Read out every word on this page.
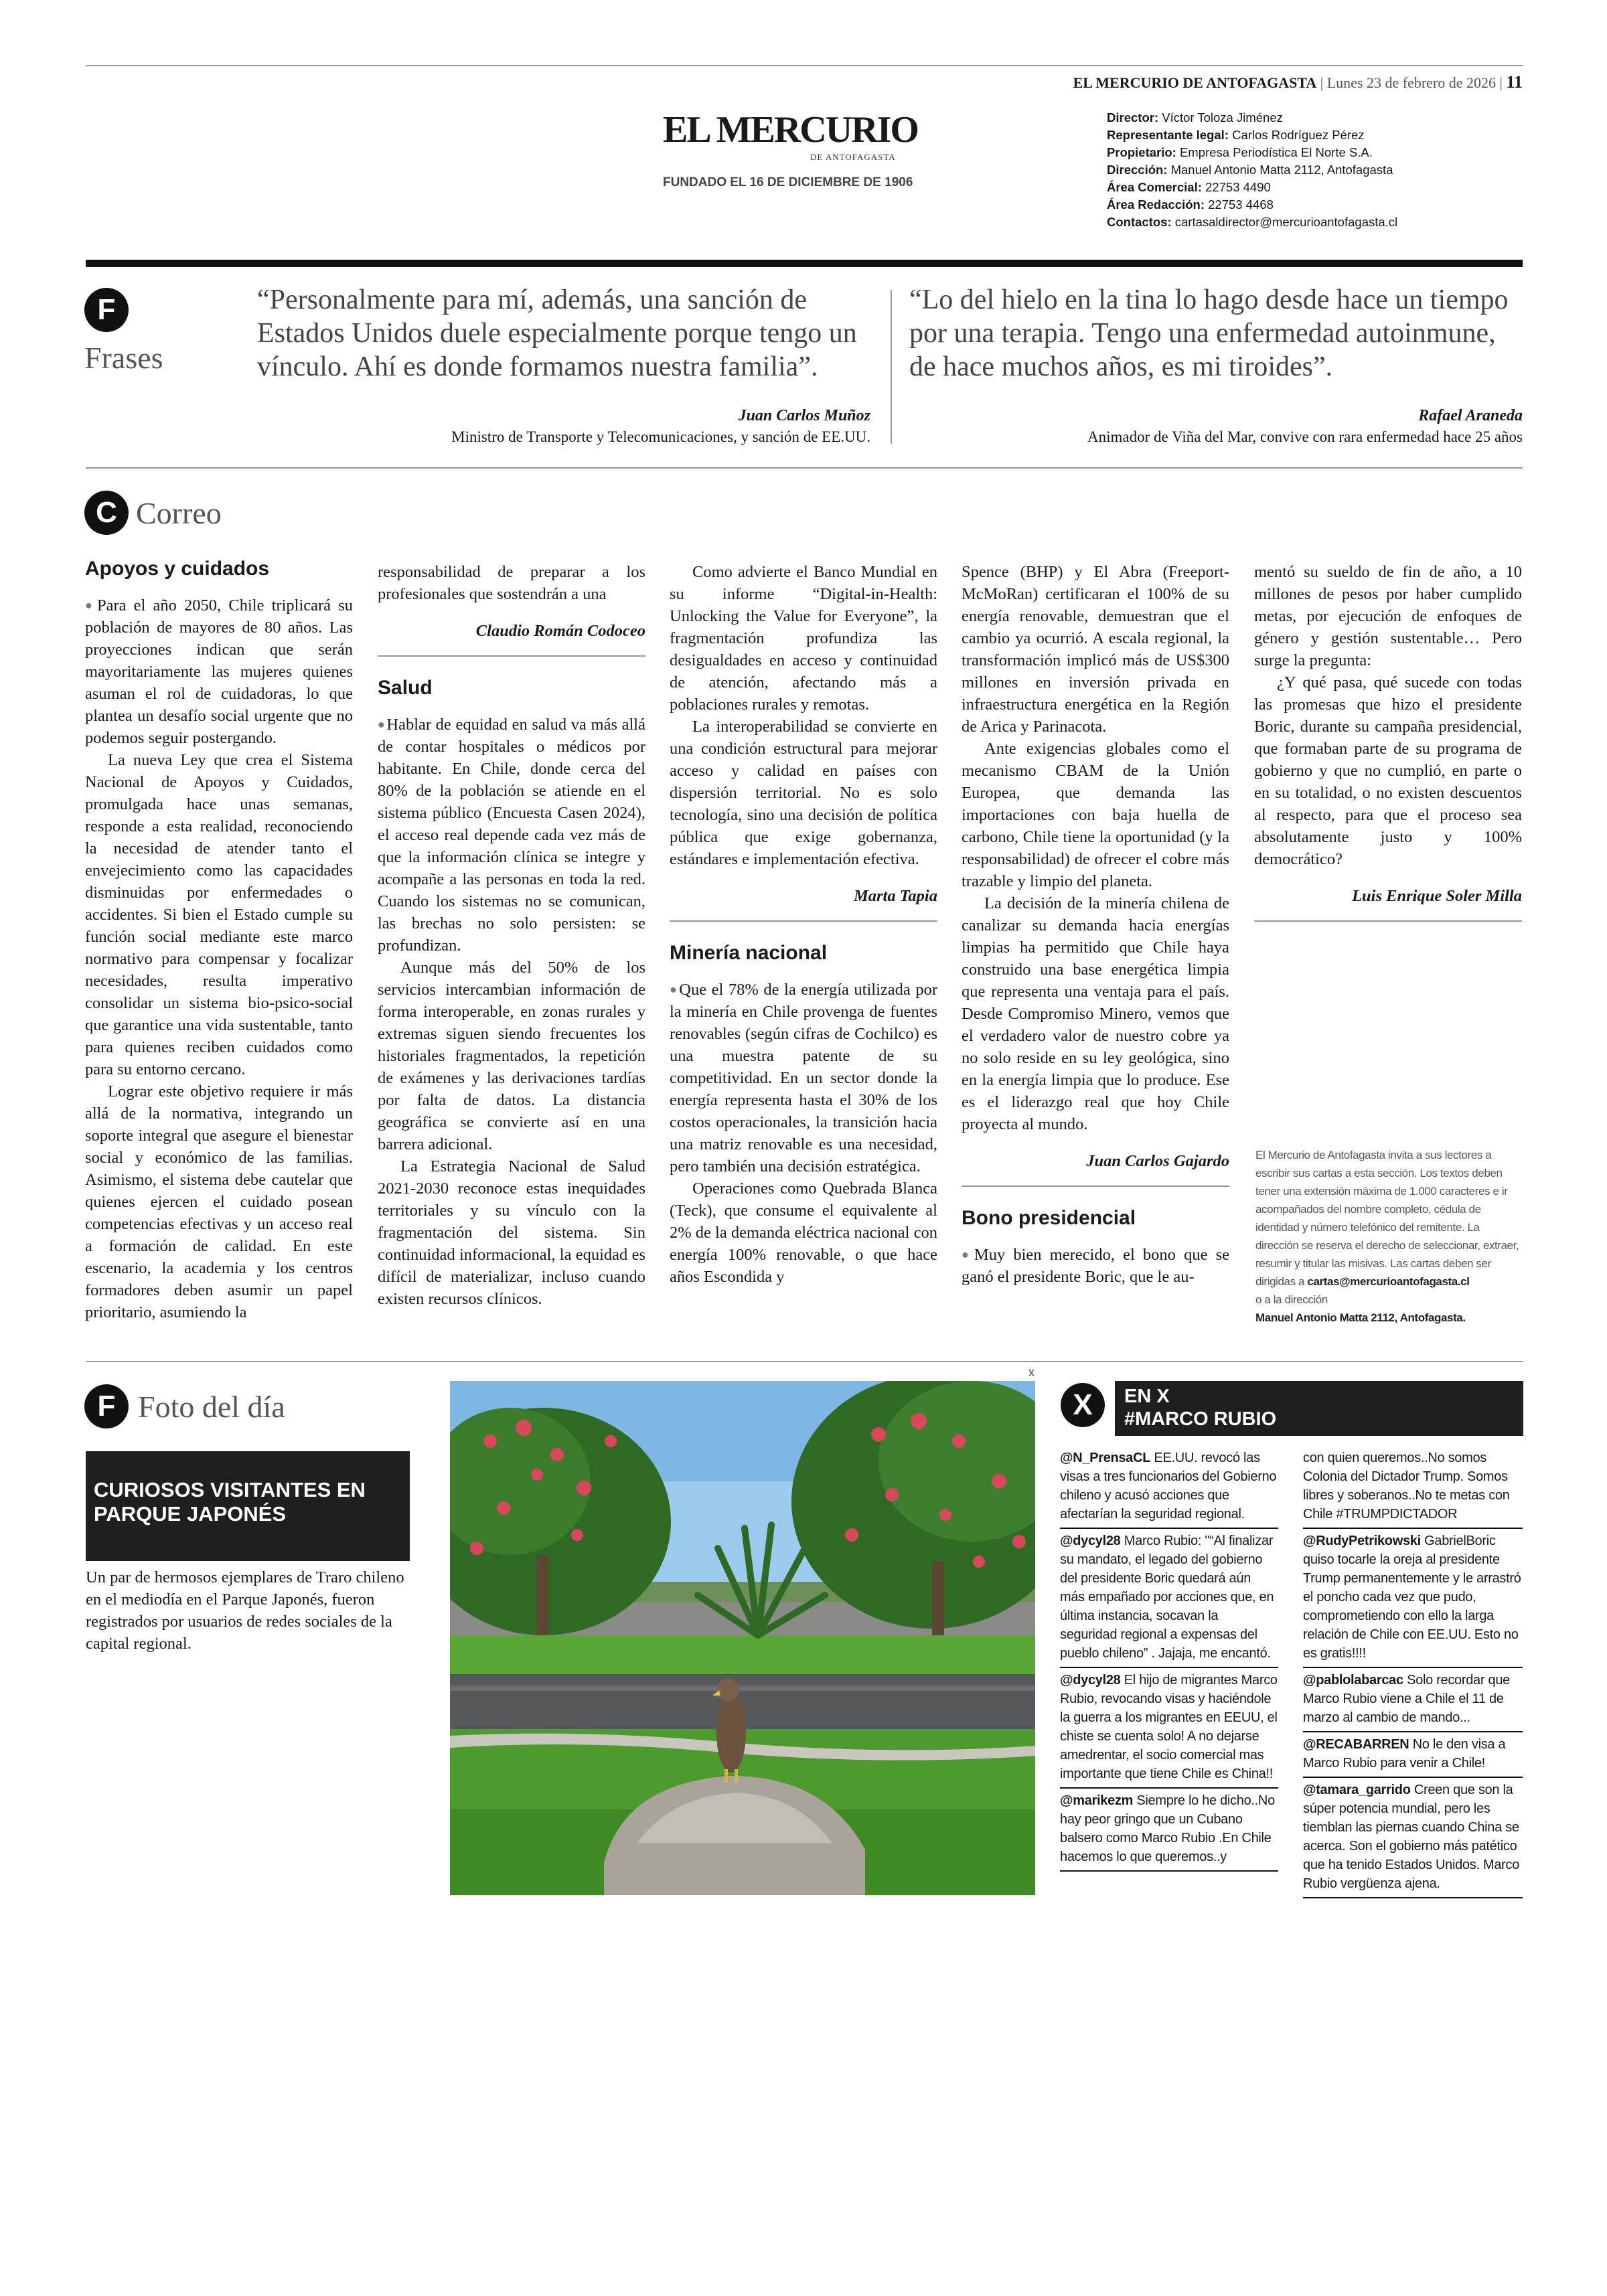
EL MERCURIO DE ANTOFAGASTA | Lunes 23 de febrero de 2026 | 11
EL MERCURIO
DE ANTOFAGASTA
FUNDADO EL 16 DE DICIEMBRE DE 1906
Director: Víctor Toloza Jiménez
Representante legal: Carlos Rodríguez Pérez
Propietario: Empresa Periodística El Norte S.A.
Dirección: Manuel Antonio Matta 2112, Antofagasta
Área Comercial: 22753 4490
Área Redacción: 22753 4468
Contactos: cartasaldirector@mercurioantofagasta.cl
F
Frases
“Personalmente para mí, además, una sanción de Estados Unidos duele especialmente porque tengo un vínculo. Ahí es donde formamos nuestra familia”.
Juan Carlos Muñoz
Ministro de Transporte y Telecomunicaciones, y sanción de EE.UU.
“Lo del hielo en la tina lo hago desde hace un tiempo por una terapia. Tengo una enfermedad autoinmune, de hace muchos años, es mi tiroides”.
Rafael Araneda
Animador de Viña del Mar, convive con rara enfermedad hace 25 años
C Correo
Apoyos y cuidados

● Para el año 2050, Chile triplicará su población de mayores de 80 años. Las proyecciones indican que serán mayoritariamente las mujeres quienes asuman el rol de cuidadoras, lo que plantea un desafío social urgente que no podemos seguir postergando.

La nueva Ley que crea el Sistema Nacional de Apoyos y Cuidados, promulgada hace unas semanas, responde a esta realidad, reconociendo la necesidad de atender tanto el envejecimiento como las capacidades disminuidas por enfermedades o accidentes. Si bien el Estado cumple su función social mediante este marco normativo para compensar y focalizar necesidades, resulta imperativo consolidar un sistema bio-psico-social que garantice una vida sustentable, tanto para quienes reciben cuidados como para su entorno cercano.

Lograr este objetivo requiere ir más allá de la normativa, integrando un soporte integral que asegure el bienestar social y económico de las familias. Asimismo, el sistema debe cautelar que quienes ejercen el cuidado posean competencias efectivas y un acceso real a formación de calidad. En este escenario, la academia y los centros formadores deben asumir un papel prioritario, asumiendo la

responsabilidad de preparar a los profesionales que sostendrán a una

Claudio Román Codoceo

Salud

● Hablar de equidad en salud va más allá de contar hospitales o médicos por habitante. En Chile, donde cerca del 80% de la población se atiende en el sistema público (Encuesta Casen 2024), el acceso real depende cada vez más de que la información clínica se integre y acompañe a las personas en toda la red. Cuando los sistemas no se comunican, las brechas no solo persisten: se profundizan.

Aunque más del 50% de los servicios intercambian información de forma interoperable, en zonas rurales y extremas siguen siendo frecuentes los historiales fragmentados, la repetición de exámenes y las derivaciones tardías por falta de datos. La distancia geográfica se convierte así en una barrera adicional.

La Estrategia Nacional de Salud 2021-2030 reconoce estas inequidades territoriales y su vínculo con la fragmentación del sistema. Sin continuidad informacional, la equidad es difícil de materializar, incluso cuando existen recursos clínicos.

Como advierte el Banco Mundial en su informe “Digital-in-Health: Unlocking the Value for Everyone”, la fragmentación profundiza las desigualdades en acceso y continuidad de atención, afectando más a poblaciones rurales y remotas.

La interoperabilidad se convierte en una condición estructural para mejorar acceso y calidad en países con dispersión territorial. No es solo tecnología, sino una decisión de política pública que exige gobernanza, estándares e implementación efectiva.

Marta Tapia

Minería nacional

● Que el 78% de la energía utilizada por la minería en Chile provenga de fuentes renovables (según cifras de Cochilco) es una muestra patente de su competitividad. En un sector donde la energía representa hasta el 30% de los costos operacionales, la transición hacia una matriz renovable es una necesidad, pero también una decisión estratégica.

Operaciones como Quebrada Blanca (Teck), que consume el equivalente al 2% de la demanda eléctrica nacional con energía 100% renovable, o que hace años Escondida y

Spence (BHP) y El Abra (Freeport-McMoRan) certificaran el 100% de su energía renovable, demuestran que el cambio ya ocurrió. A escala regional, la transformación implicó más de US$300 millones en inversión privada en infraestructura energética en la Región de Arica y Parinacota.

Ante exigencias globales como el mecanismo CBAM de la Unión Europea, que demanda las importaciones con baja huella de carbono, Chile tiene la oportunidad (y la responsabilidad) de ofrecer el cobre más trazable y limpio del planeta.

La decisión de la minería chilena de canalizar su demanda hacia energías limpias ha permitido que Chile haya construido una base energética limpia que representa una ventaja para el país. Desde Compromiso Minero, vemos que el verdadero valor de nuestro cobre ya no solo reside en su ley geológica, sino en la energía limpia que lo produce. Ese es el liderazgo real que hoy Chile proyecta al mundo.

Juan Carlos Gajardo

Bono presidencial

● Muy bien merecido, el bono que se ganó el presidente Boric, que le au-

mentó su sueldo de fin de año, a 10 millones de pesos por haber cumplido metas, por ejecución de enfoques de género y gestión sustentable… Pero surge la pregunta:

¿Y qué pasa, qué sucede con todas las promesas que hizo el presidente Boric, durante su campaña presidencial, que formaban parte de su programa de gobierno y que no cumplió, en parte o en su totalidad, o no existen descuentos al respecto, para que el proceso sea absolutamente justo y 100% democrático?

Luis Enrique Soler Milla

El Mercurio de Antofagasta invita a sus lectores a escribir sus cartas a esta sección. Los textos deben tener una extensión máxima de 1.000 caracteres e ir acompañados del nombre completo, cédula de identidad y número telefónico del remitente. La dirección se reserva el derecho de seleccionar, extraer, resumir y titular las misivas. Las cartas deben ser dirigidas a cartas@mercurioantofagasta.cl
o a la dirección
Manuel Antonio Matta 2112, Antofagasta.
F Foto del día
CURIOSOS VISITANTES EN PARQUE JAPONÉS
Un par de hermosos ejemplares de Traro chileno en el mediodía en el Parque Japonés, fueron registrados por usuarios de redes sociales de la capital regional.
x
X	EN X
#MARCO RUBIO
@N_PrensaCL EE.UU. revocó las visas a tres funcionarios del Gobierno chileno y acusó acciones que afectarían la seguridad regional.
@dycyl28 Marco Rubio: "“Al finalizar su mandato, el legado del gobierno del presidente Boric quedará aún más empañado por acciones que, en última instancia, socavan la seguridad regional a expensas del pueblo chileno” . Jajaja, me encantó.
@dycyl28 El hijo de migrantes Marco Rubio, revocando visas y haciéndole la guerra a los migrantes en EEUU, el chiste se cuenta solo! A no dejarse amedrentar, el socio comercial mas importante que tiene Chile es China!!
@marikezm Siempre lo he dicho..No hay peor gringo que un Cubano balsero como Marco Rubio .En Chile hacemos lo que queremos..y
con quien queremos..No somos Colonia del Dictador Trump. Somos libres y soberanos..No te metas con Chile #TRUMPDICTADOR
@RudyPetrikowski GabrielBoric quiso tocarle la oreja al presidente Trump permanentemente y le arrastró el poncho cada vez que pudo, comprometiendo con ello la larga relación de Chile con EE.UU. Esto no es gratis!!!!
@pablolabarcac Solo recordar que Marco Rubio viene a Chile el 11 de marzo al cambio de mando...
@RECABARREN No le den visa a Marco Rubio para venir a Chile!
@tamara_garrido Creen que son la súper potencia mundial, pero les tiemblan las piernas cuando China se acerca. Son el gobierno más patético que ha tenido Estados Unidos. Marco Rubio vergüenza ajena.
